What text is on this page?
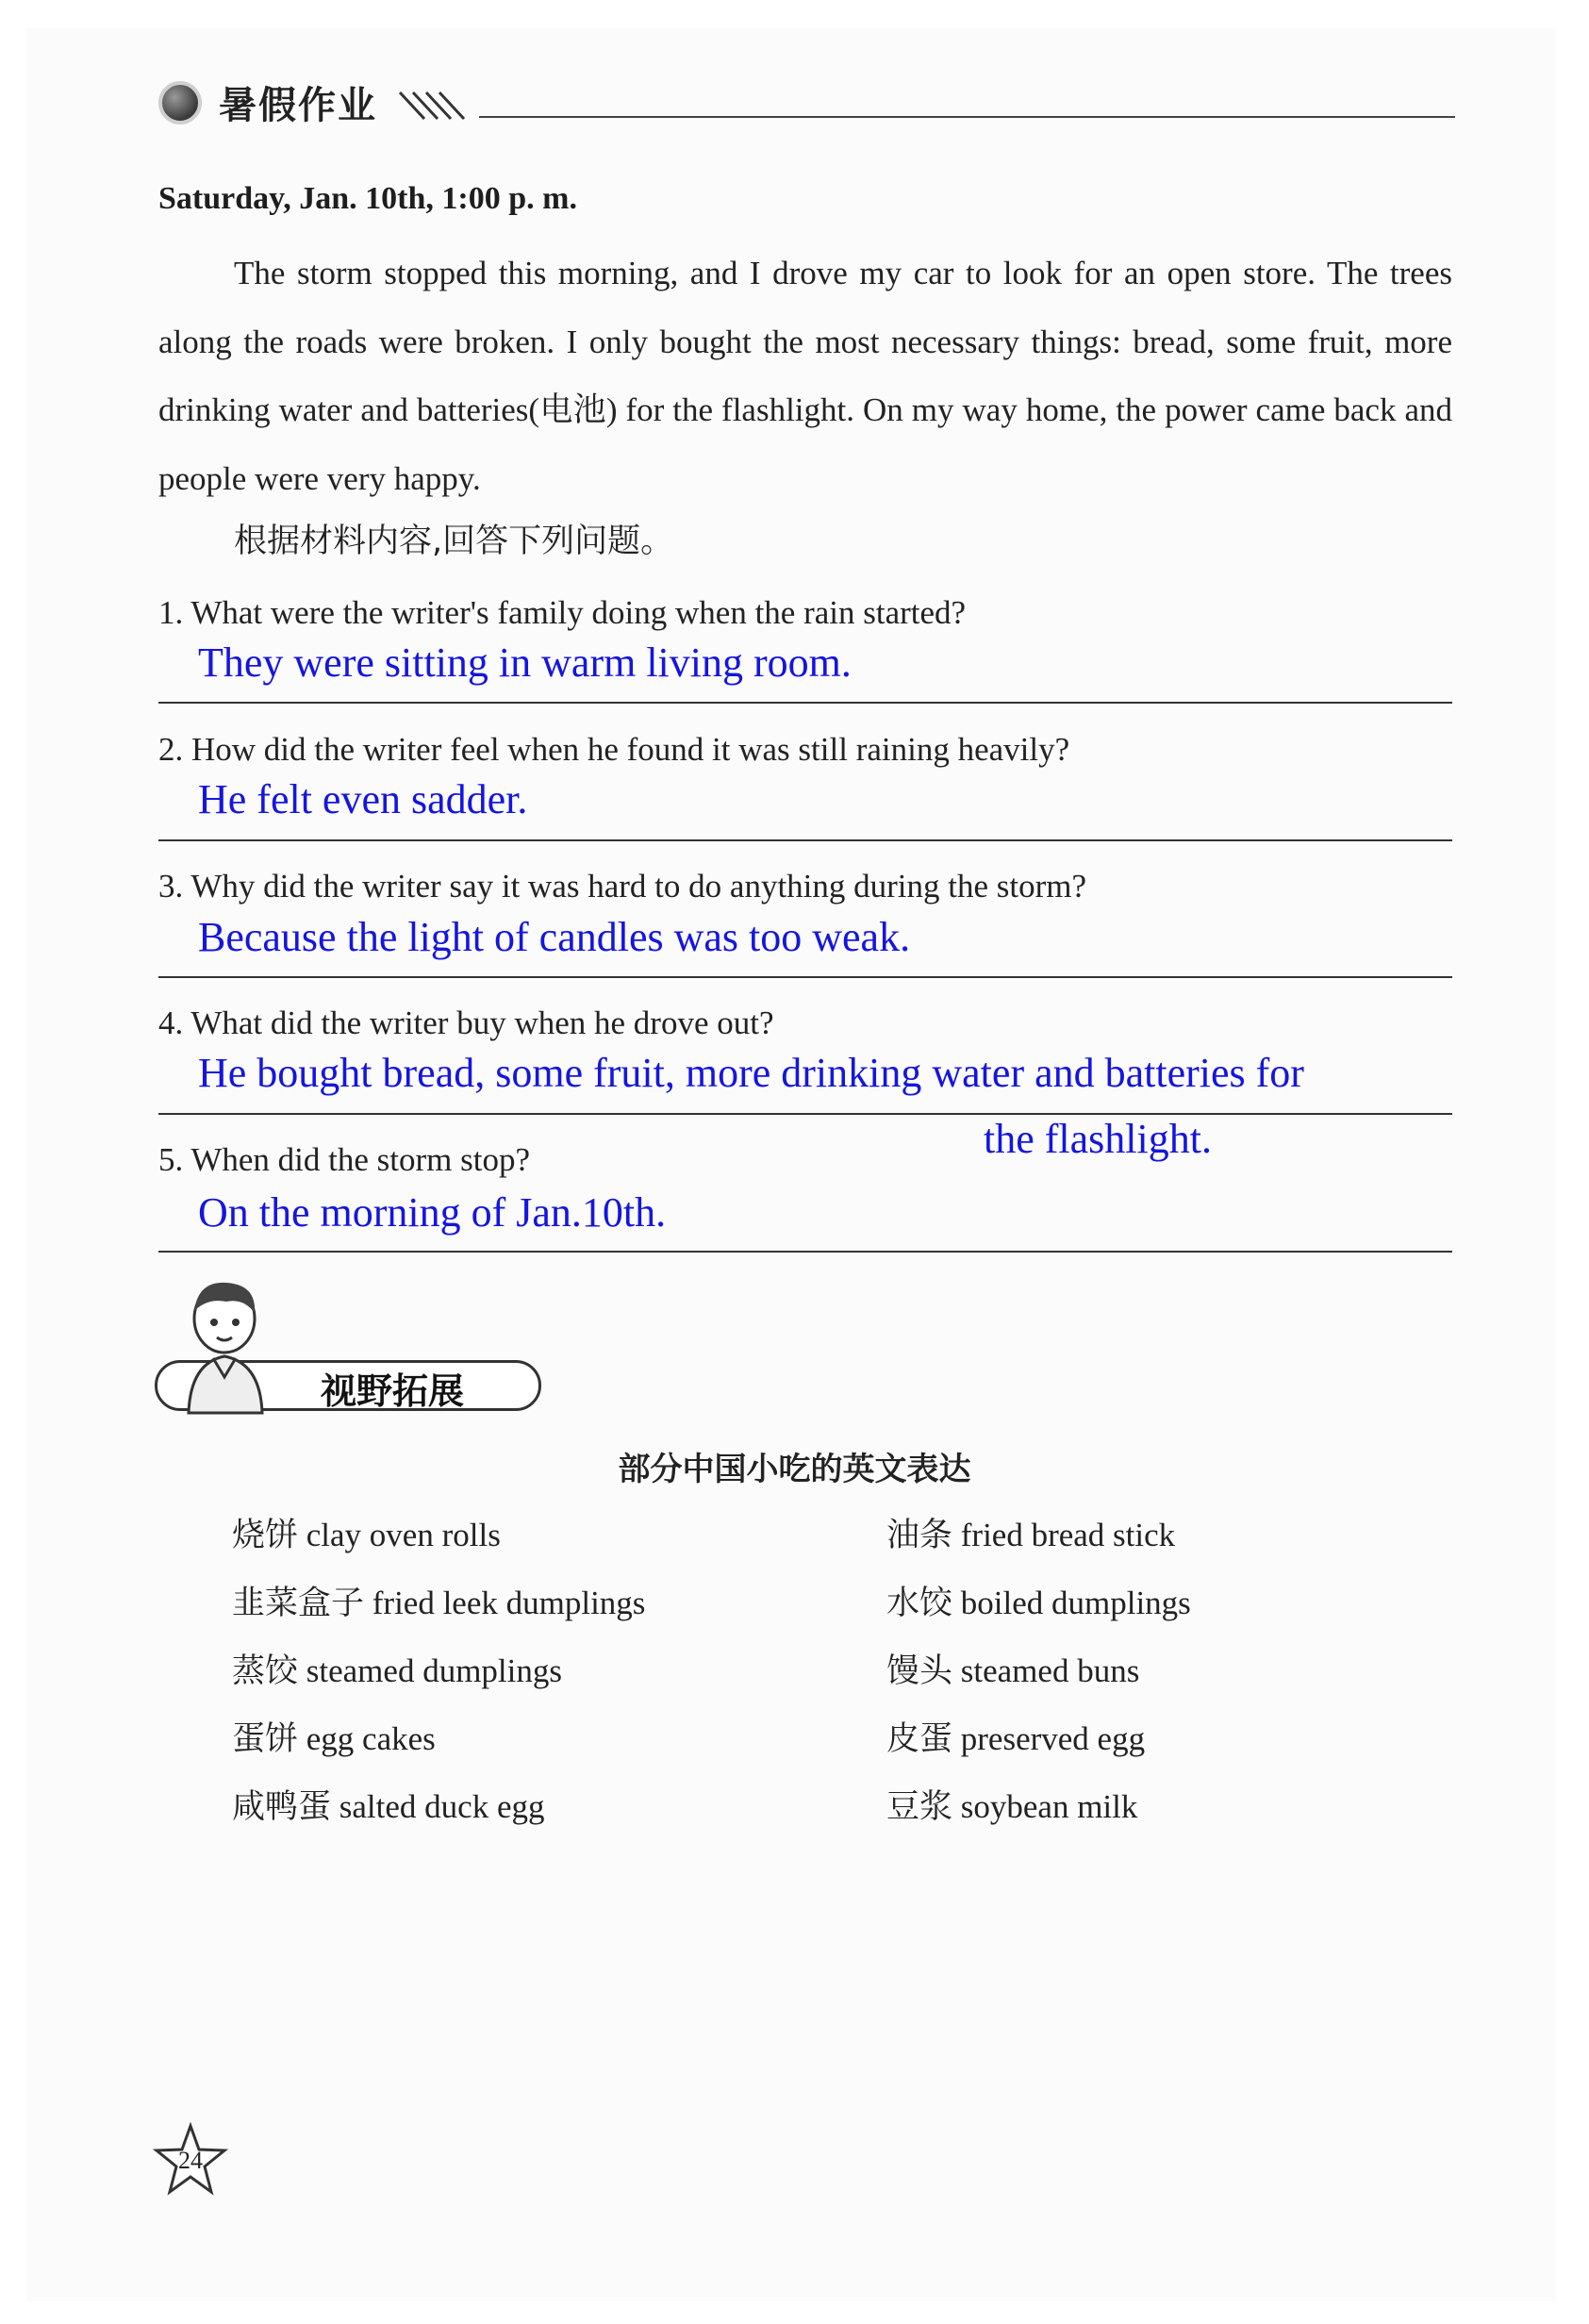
暑假作业
Saturday, Jan. 10th, 1:00 p. m.
The storm stopped this morning, and I drove my car to look for an open store. The trees along the roads were broken. I only bought the most necessary things: bread, some fruit, more drinking water and batteries(电池) for the flashlight. On my way home, the power came back and people were very happy.
根据材料内容,回答下列问题。
1. What were the writer's family doing when the rain started?
They were sitting in warm living room.
2. How did the writer feel when he found it was still raining heavily?
He felt even sadder.
3. Why did the writer say it was hard to do anything during the storm?
Because the light of candles was too weak.
4. What did the writer buy when he drove out?
He bought bread, some fruit, more drinking water and batteries for
the flashlight.
5. When did the storm stop?
On the morning of Jan.10th.
视野拓展
部分中国小吃的英文表达
烧饼 clay oven rolls
韭菜盒子 fried leek dumplings
蒸饺 steamed dumplings
蛋饼 egg cakes
咸鸭蛋 salted duck egg
油条 fried bread stick
水饺 boiled dumplings
馒头 steamed buns
皮蛋 preserved egg
豆浆 soybean milk
24
